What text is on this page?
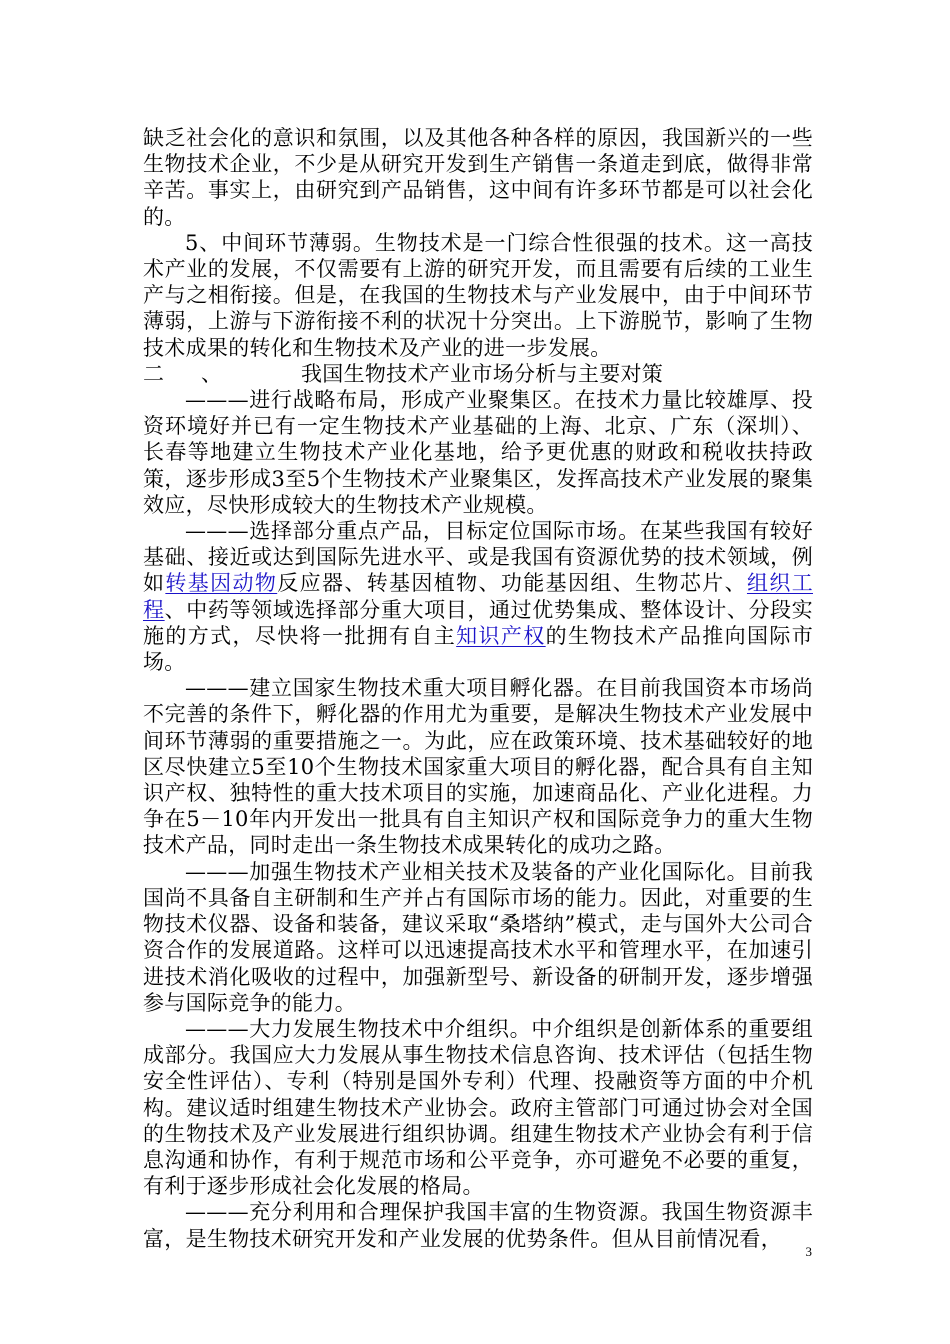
缺乏社会化的意识和氛围，以及其他各种各样的原因，我国新兴的一些生物技术企业，不少是从研究开发到生产销售一条道走到底，做得非常辛苦。事实上，由研究到产品销售，这中间有许多环节都是可以社会化的。

5、中间环节薄弱。生物技术是一门综合性很强的技术。这一高技术产业的发展，不仅需要有上游的研究开发，而且需要有后续的工业生产与之相衔接。但是，在我国的生物技术与产业发展中，由于中间环节薄弱，上游与下游衔接不利的状况十分突出。上下游脱节，影响了生物技术成果的转化和生物技术及产业的进一步发展。

二	、	我国生物技术产业市场分析与主要对策

———进行战略布局，形成产业聚集区。在技术力量比较雄厚、投资环境好并已有一定生物技术产业基础的上海、北京、广东（深圳）、长春等地建立生物技术产业化基地，给予更优惠的财政和税收扶持政策，逐步形成3至5个生物技术产业聚集区，发挥高技术产业发展的聚集效应，尽快形成较大的生物技术产业规模。

———选择部分重点产品，目标定位国际市场。在某些我国有较好基础、接近或达到国际先进水平、或是我国有资源优势的技术领域，例如转基因动物反应器、转基因植物、功能基因组、生物芯片、组织工程、中药等领域选择部分重大项目，通过优势集成、整体设计、分段实施的方式，尽快将一批拥有自主知识产权的生物技术产品推向国际市场。

———建立国家生物技术重大项目孵化器。在目前我国资本市场尚不完善的条件下，孵化器的作用尤为重要，是解决生物技术产业发展中间环节薄弱的重要措施之一。为此，应在政策环境、技术基础较好的地区尽快建立5至10个生物技术国家重大项目的孵化器，配合具有自主知识产权、独特性的重大技术项目的实施，加速商品化、产业化进程。力争在5－10年内开发出一批具有自主知识产权和国际竞争力的重大生物技术产品，同时走出一条生物技术成果转化的成功之路。

———加强生物技术产业相关技术及装备的产业化国际化。目前我国尚不具备自主研制和生产并占有国际市场的能力。因此，对重要的生物技术仪器、设备和装备，建议采取“桑塔纳”模式，走与国外大公司合资合作的发展道路。这样可以迅速提高技术水平和管理水平，在加速引进技术消化吸收的过程中，加强新型号、新设备的研制开发，逐步增强参与国际竞争的能力。

———大力发展生物技术中介组织。中介组织是创新体系的重要组成部分。我国应大力发展从事生物技术信息咨询、技术评估（包括生物安全性评估）、专利（特别是国外专利）代理、投融资等方面的中介机构。建议适时组建生物技术产业协会。政府主管部门可通过协会对全国的生物技术及产业发展进行组织协调。组建生物技术产业协会有利于信息沟通和协作，有利于规范市场和公平竞争，亦可避免不必要的重复，有利于逐步形成社会化发展的格局。

———充分利用和合理保护我国丰富的生物资源。我国生物资源丰富，是生物技术研究开发和产业发展的优势条件。但从目前情况看，

3
